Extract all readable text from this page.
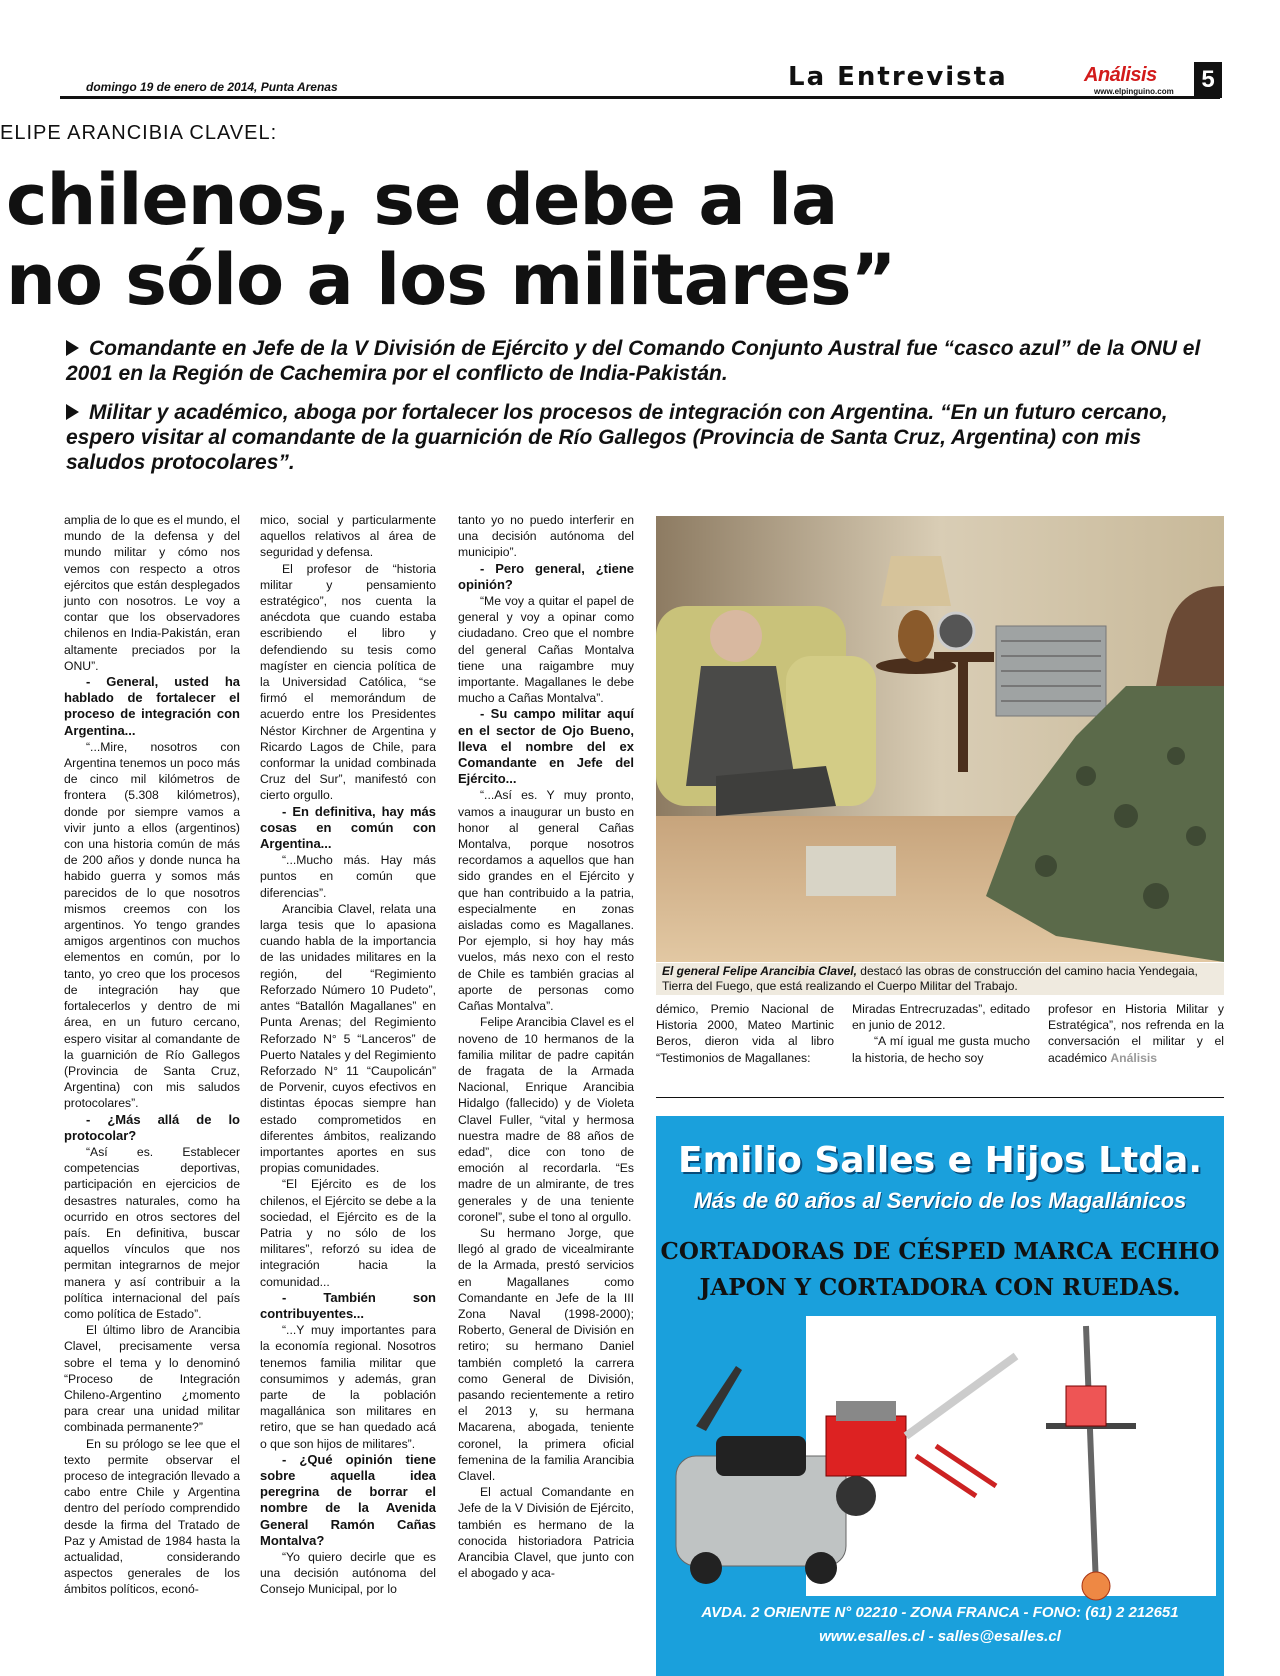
domingo 19 de enero de 2014, Punta Arenas	La Entrevista	Análisis
www.elpinguino.com	5
ELIPE ARANCIBIA CLAVEL:
chilenos, se debe a la
no sólo a los militares”
Comandante en Jefe de la V División de Ejército y del Comando Conjunto Austral fue “casco azul” de la ONU el 2001 en la Región de Cachemira por el conflicto de India-Pakistán.
Militar y académico, aboga por fortalecer los procesos de integración con Argentina. “En un futuro cercano, espero visitar al comandante de la guarnición de Río Gallegos (Provincia de Santa Cruz, Argentina) con mis saludos protocolares”.

amplia de lo que es el mundo, el mundo de la defensa y del mundo militar y cómo nos vemos con respecto a otros ejércitos que están desplegados junto con nosotros. Le voy a contar que los observadores chilenos en India-Pakistán, eran altamente preciados por la ONU”.

- General, usted ha hablado de fortalecer el proceso de integración con Argentina...

“...Mire, nosotros con Argentina tenemos un poco más de cinco mil kilómetros de frontera (5.308 kilómetros), donde por siempre vamos a vivir junto a ellos (argentinos) con una historia común de más de 200 años y donde nunca ha habido guerra y somos más parecidos de lo que nosotros mismos creemos con los argentinos. Yo tengo grandes amigos argentinos con muchos elementos en común, por lo tanto, yo creo que los procesos de integración hay que fortalecerlos y dentro de mi área, en un futuro cercano, espero visitar al comandante de la guarnición de Río Gallegos (Provincia de Santa Cruz, Argentina) con mis saludos protocolares”.

- ¿Más allá de lo protocolar?

“Así es. Establecer competencias deportivas, participación en ejercicios de desastres naturales, como ha ocurrido en otros sectores del país. En definitiva, buscar aquellos vínculos que nos permitan integrarnos de mejor manera y así contribuir a la política internacional del país como política de Estado”.

El último libro de Arancibia Clavel, precisamente versa sobre el tema y lo denominó “Proceso de Integración Chileno-Argentino ¿momento para crear una unidad militar combinada permanente?”

En su prólogo se lee que el texto permite observar el proceso de integración llevado a cabo entre Chile y Argentina dentro del período comprendido desde la firma del Tratado de Paz y Amistad de 1984 hasta la actualidad, considerando aspectos generales de los ámbitos políticos, econó-

mico, social y particularmente aquellos relativos al área de seguridad y defensa.

El profesor de “historia militar y pensamiento estratégico”, nos cuenta la anécdota que cuando estaba escribiendo el libro y defendiendo su tesis como magíster en ciencia política de la Universidad Católica, “se firmó el memorándum de acuerdo entre los Presidentes Néstor Kirchner de Argentina y Ricardo Lagos de Chile, para conformar la unidad combinada Cruz del Sur”, manifestó con cierto orgullo.

- En definitiva, hay más cosas en común con Argentina...

“...Mucho más. Hay más puntos en común que diferencias”.

Arancibia Clavel, relata una larga tesis que lo apasiona cuando habla de la importancia de las unidades militares en la región, del “Regimiento Reforzado Número 10 Pudeto”, antes “Batallón Magallanes” en Punta Arenas; del Regimiento Reforzado N° 5 “Lanceros” de Puerto Natales y del Regimiento Reforzado N° 11 “Caupolicán” de Porvenir, cuyos efectivos en distintas épocas siempre han estado comprometidos en diferentes ámbitos, realizando importantes aportes en sus propias comunidades.

“El Ejército es de los chilenos, el Ejército se debe a la sociedad, el Ejército es de la Patria y no sólo de los militares”, reforzó su idea de integración hacia la comunidad...

- También son contribuyentes...

“...Y muy importantes para la economía regional. Nosotros tenemos familia militar que consumimos y además, gran parte de la población magallánica son militares en retiro, que se han quedado acá o que son hijos de militares”.

- ¿Qué opinión tiene sobre aquella idea peregrina de borrar el nombre de la Avenida General Ramón Cañas Montalva?

“Yo quiero decirle que es una decisión autónoma del Consejo Municipal, por lo

tanto yo no puedo interferir en una decisión autónoma del municipio”.

- Pero general, ¿tiene opinión?

“Me voy a quitar el papel de general y voy a opinar como ciudadano. Creo que el nombre del general Cañas Montalva tiene una raigambre muy importante. Magallanes le debe mucho a Cañas Montalva”.

- Su campo militar aquí en el sector de Ojo Bueno, lleva el nombre del ex Comandante en Jefe del Ejército...

“...Así es. Y muy pronto, vamos a inaugurar un busto en honor al general Cañas Montalva, porque nosotros recordamos a aquellos que han sido grandes en el Ejército y que han contribuido a la patria, especialmente en zonas aisladas como es Magallanes. Por ejemplo, si hoy hay más vuelos, más nexo con el resto de Chile es también gracias al aporte de personas como Cañas Montalva”.

Felipe Arancibia Clavel es el noveno de 10 hermanos de la familia militar de padre capitán de fragata de la Armada Nacional, Enrique Arancibia Hidalgo (fallecido) y de Violeta Clavel Fuller, “vital y hermosa nuestra madre de 88 años de edad”, dice con tono de emoción al recordarla. “Es madre de un almirante, de tres generales y de una teniente coronel”, sube el tono al orgullo.

Su hermano Jorge, que llegó al grado de vicealmirante de la Armada, prestó servicios en Magallanes como Comandante en Jefe de la III Zona Naval (1998-2000); Roberto, General de División en retiro; su hermano Daniel también completó la carrera como General de División, pasando recientemente a retiro el 2013 y, su hermana Macarena, abogada, teniente coronel, la primera oficial femenina de la familia Arancibia Clavel.

El actual Comandante en Jefe de la V División de Ejército, también es hermano de la conocida historiadora Patricia Arancibia Clavel, que junto con el abogado y aca-

El general Felipe Arancibia Clavel, destacó las obras de construcción del camino hacia Yendegaia, Tierra del Fuego, que está realizando el Cuerpo Militar del Trabajo.

démico, Premio Nacional de Historia 2000, Mateo Martinic Beros, dieron vida al libro “Testimonios de Magallanes:

Miradas Entrecruzadas”, editado en junio de 2012.

“A mí igual me gusta mucho la historia, de hecho soy

profesor en Historia Militar y Estratégica”, nos refrenda en la conversación el militar y el académico Análisis

Emilio Salles e Hijos Ltda.
Más de 60 años al Servicio de los Magallánicos
CORTADORAS DE CÉSPED MARCA ECHHO
JAPON Y CORTADORA CON RUEDAS.
AVDA. 2 ORIENTE N° 02210 - ZONA FRANCA - FONO: (61) 2 212651
www.esalles.cl - salles@esalles.cl
